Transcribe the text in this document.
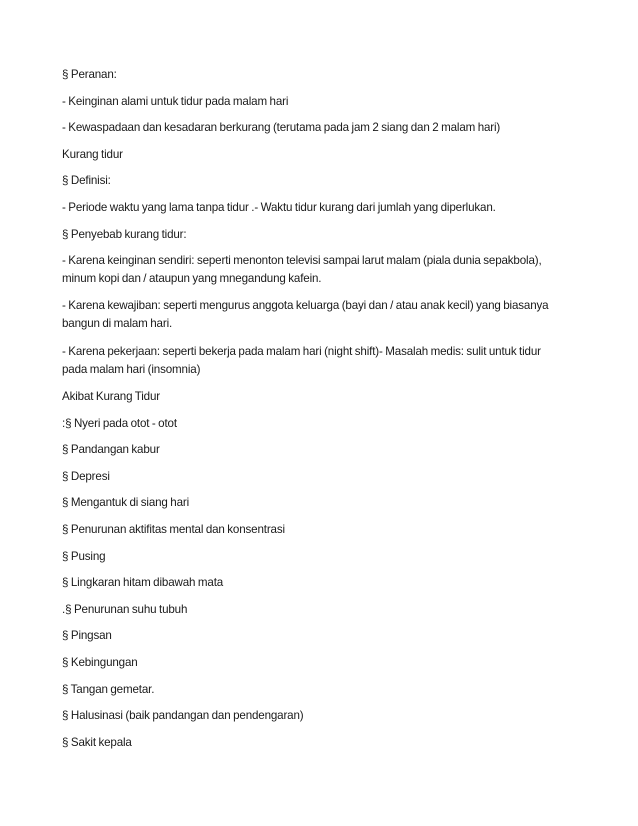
§ Peranan:

- Keinginan alami untuk tidur pada malam hari

- Kewaspadaan dan kesadaran berkurang (terutama pada jam 2 siang dan 2 malam hari)

Kurang tidur

§ Definisi:

- Periode waktu yang lama tanpa tidur .- Waktu tidur kurang dari jumlah yang diperlukan.

§ Penyebab kurang tidur:

- Karena keinginan sendiri: seperti menonton televisi sampai larut malam (piala dunia sepakbola), minum kopi dan / ataupun yang mnegandung kafein.

- Karena kewajiban: seperti mengurus anggota keluarga (bayi dan / atau anak kecil) yang biasanya bangun di malam hari.

- Karena pekerjaan: seperti bekerja pada malam hari (night shift)- Masalah medis: sulit untuk tidur pada malam hari (insomnia)

Akibat Kurang Tidur

:§ Nyeri pada otot - otot

§ Pandangan kabur

§ Depresi

§ Mengantuk di siang hari

§ Penurunan aktifitas mental dan konsentrasi

§ Pusing

§ Lingkaran hitam dibawah mata

.§ Penurunan suhu tubuh

§ Pingsan

§ Kebingungan

§ Tangan gemetar.

§ Halusinasi (baik pandangan dan pendengaran)

§ Sakit kepala
